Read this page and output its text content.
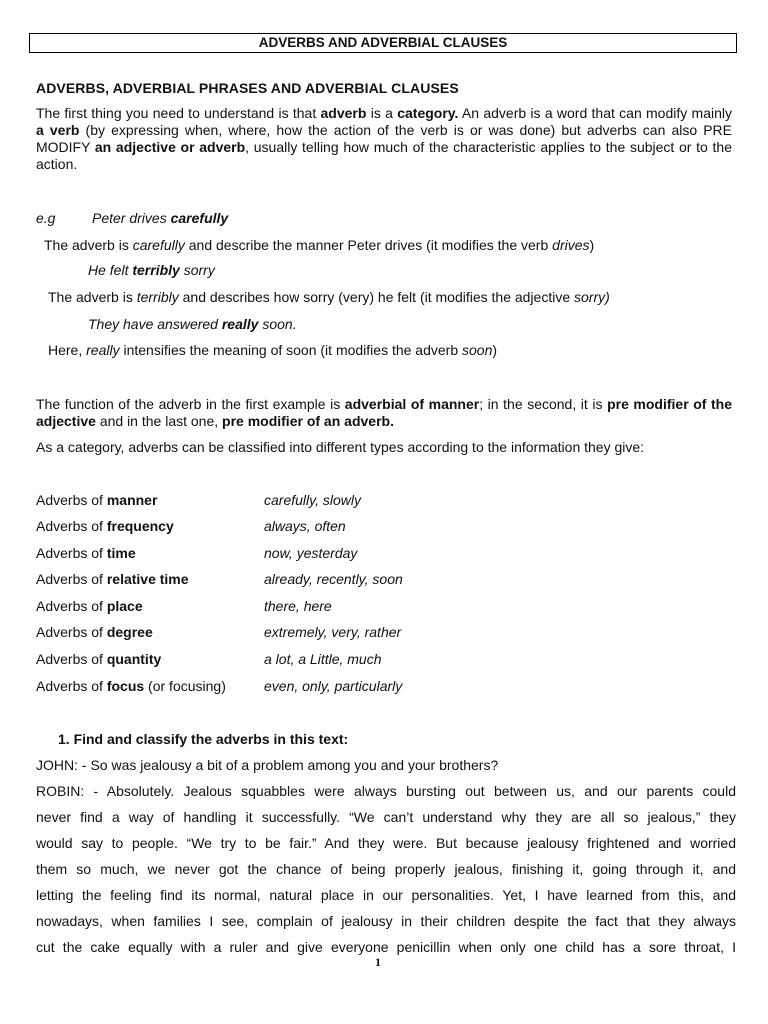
ADVERBS AND ADVERBIAL CLAUSES
ADVERBS, ADVERBIAL PHRASES AND ADVERBIAL CLAUSES
The first thing you need to understand is that adverb is a category. An adverb is a word that can modify mainly a verb (by expressing when, where, how the action of the verb is or was done) but adverbs can also PRE MODIFY an adjective or adverb, usually telling how much of the characteristic applies to the subject or to the action.
e.g	Peter drives carefully
The adverb is carefully and describe the manner Peter drives (it modifies the verb drives)
He felt terribly sorry
The adverb is terribly and describes how sorry (very) he felt (it modifies the adjective sorry)
They have answered really soon.
Here, really intensifies the meaning of soon (it modifies the adverb soon)
The function of the adverb in the first example is adverbial of manner; in the second, it is pre modifier of the adjective and in the last one, pre modifier of an adverb.
As a category, adverbs can be classified into different types according to the information they give:
Adverbs of manner	carefully, slowly
Adverbs of frequency	always, often
Adverbs of time	now, yesterday
Adverbs of relative time	already, recently, soon
Adverbs of place	there, here
Adverbs of degree	extremely, very, rather
Adverbs of quantity	a lot, a Little, much
Adverbs of focus (or focusing)	even, only, particularly
1. Find and classify the adverbs in this text:
JOHN: - So was jealousy a bit of a problem among you and your brothers?
ROBIN: - Absolutely. Jealous squabbles were always bursting out between us, and our parents could
never find a way of handling it successfully. “We can’t understand why they are all so jealous,” they
would say to people. “We try to be fair.” And they were. But because jealousy frightened and worried
them so much, we never got the chance of being properly jealous, finishing it, going through it, and
letting the feeling find its normal, natural place in our personalities. Yet, I have learned from this, and
nowadays, when families I see, complain of jealousy in their children despite the fact that they always
cut the cake equally with a ruler and give everyone penicillin when only one child has a sore throat, I
1
